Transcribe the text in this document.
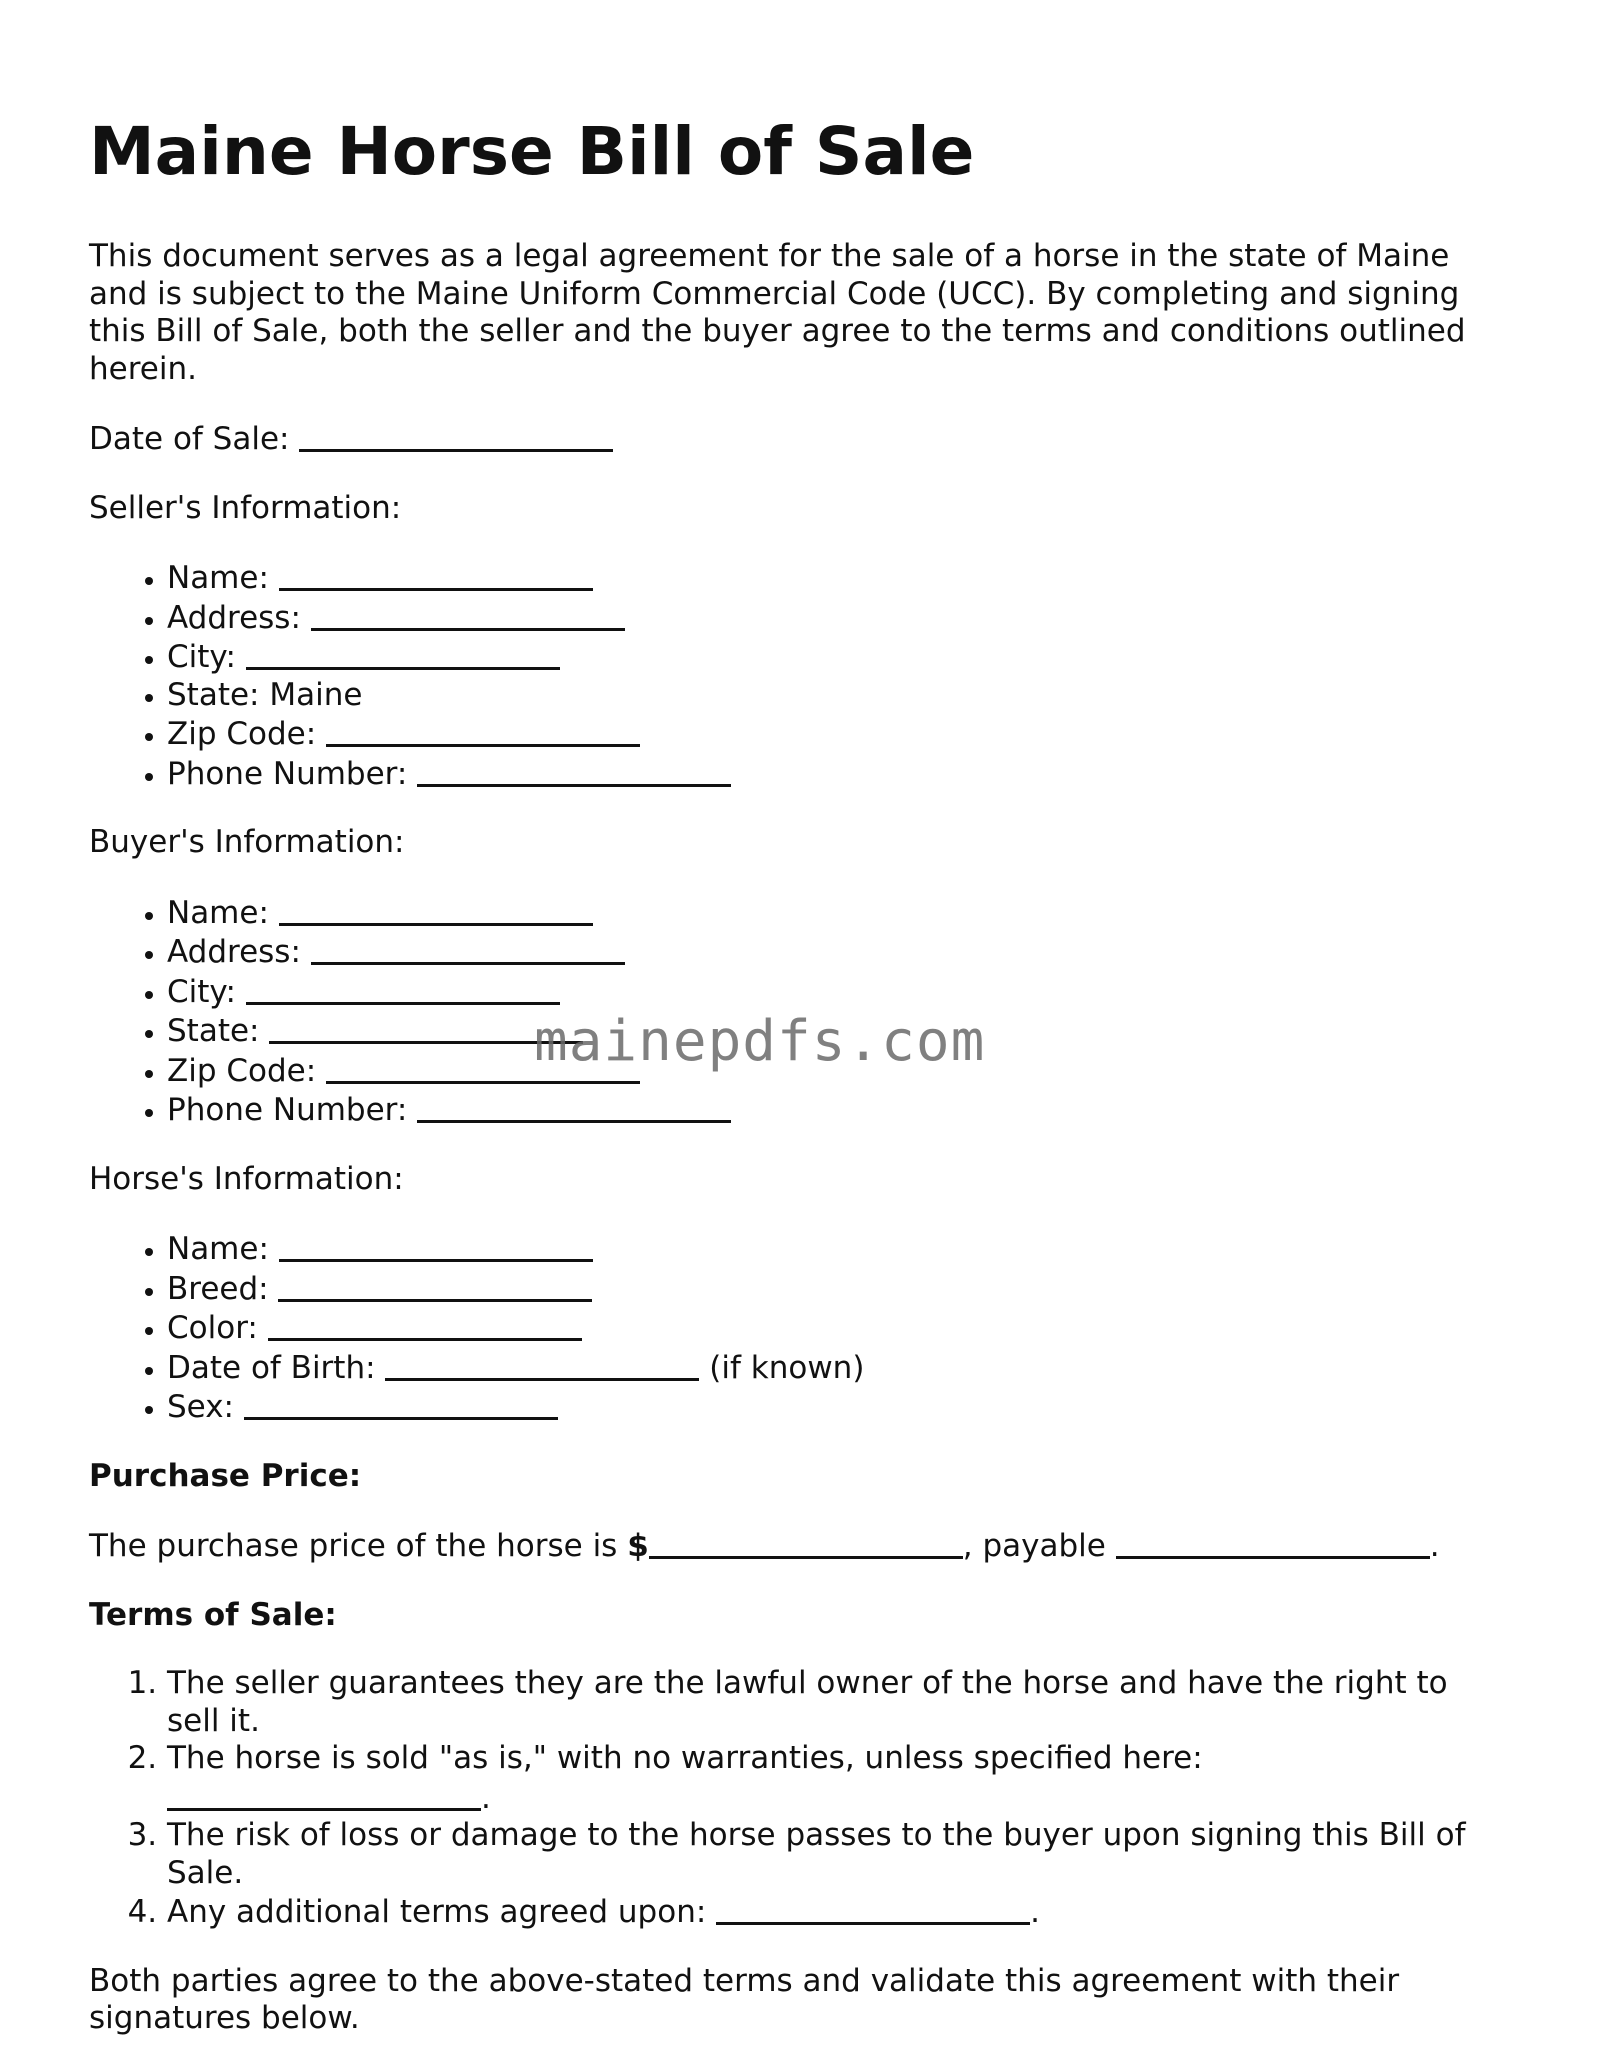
Maine Horse Bill of Sale

This document serves as a legal agreement for the sale of a horse in the state of Maine and is subject to the Maine Uniform Commercial Code (UCC). By completing and signing this Bill of Sale, both the seller and the buyer agree to the terms and conditions outlined herein.

Date of Sale:

Seller's Information:

• Name:
• Address:
• City:
• State: Maine
• Zip Code:
• Phone Number:

Buyer's Information:

• Name:
• Address:
• City:
• State:
• Zip Code:
• Phone Number:

Horse's Information:

• Name:
• Breed:
• Color:
• Date of Birth:	(if known)
• Sex:

Purchase Price:

The purchase price of the horse is $	, payable	.

Terms of Sale:

1. The seller guarantees they are the lawful owner of the horse and have the right to sell it.
2. The horse is sold "as is," with no warranties, unless specified here: .
3. The risk of loss or damage to the horse passes to the buyer upon signing this Bill of Sale.
4. Any additional terms agreed upon:	.

Both parties agree to the above-stated terms and validate this agreement with their signatures below.

mainepdfs.com
